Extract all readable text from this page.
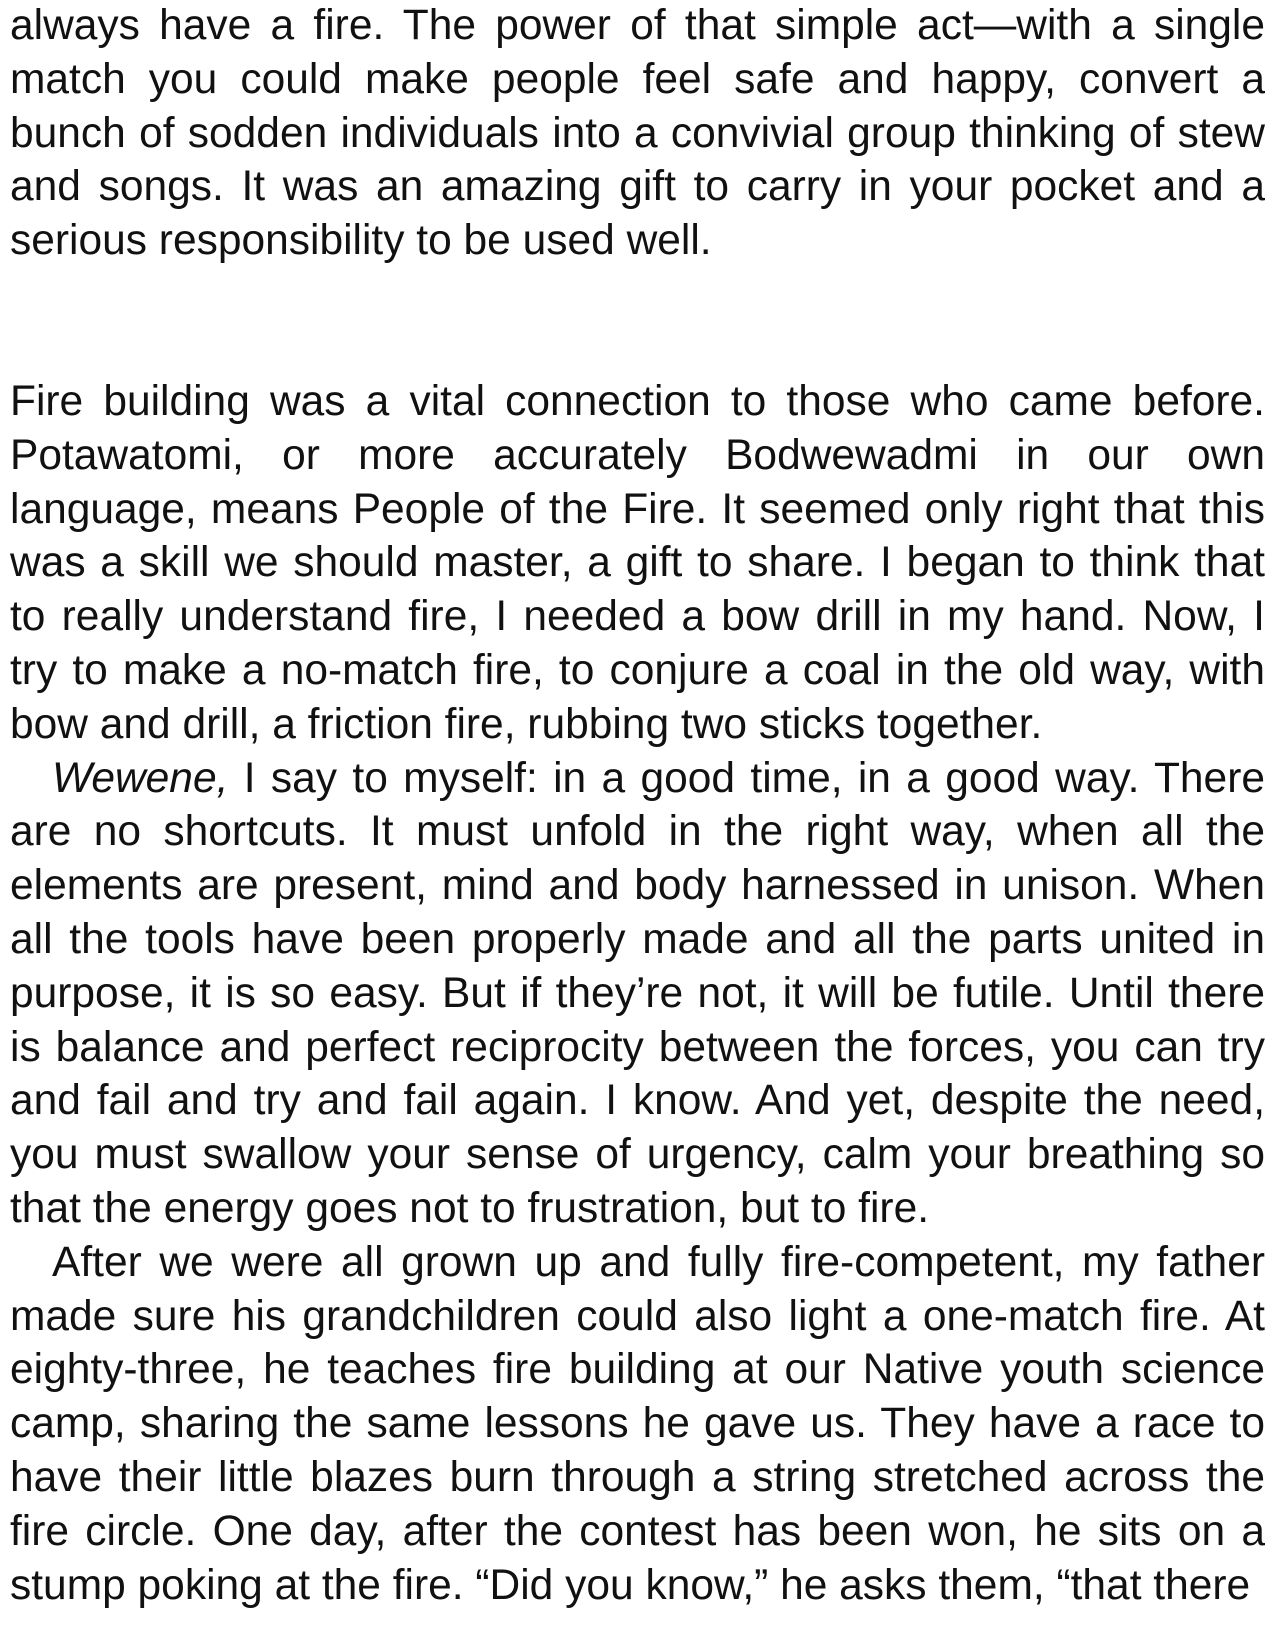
always have a fire. The power of that simple act—with a single match you could make people feel safe and happy, convert a bunch of sodden individuals into a convivial group thinking of stew and songs. It was an amazing gift to carry in your pocket and a serious responsibility to be used well.

Fire building was a vital connection to those who came before. Potawatomi, or more accurately Bodwewadmi in our own language, means People of the Fire. It seemed only right that this was a skill we should master, a gift to share. I began to think that to really understand fire, I needed a bow drill in my hand. Now, I try to make a no-match fire, to conjure a coal in the old way, with bow and drill, a friction fire, rubbing two sticks together.

Wewene, I say to myself: in a good time, in a good way. There are no shortcuts. It must unfold in the right way, when all the elements are present, mind and body harnessed in unison. When all the tools have been properly made and all the parts united in purpose, it is so easy. But if they’re not, it will be futile. Until there is balance and perfect reciprocity between the forces, you can try and fail and try and fail again. I know. And yet, despite the need, you must swallow your sense of urgency, calm your breathing so that the energy goes not to frustration, but to fire.

After we were all grown up and fully fire-competent, my father made sure his grandchildren could also light a one-match fire. At eighty-three, he teaches fire building at our Native youth science camp, sharing the same lessons he gave us. They have a race to have their little blazes burn through a string stretched across the fire circle. One day, after the contest has been won, he sits on a stump poking at the fire. “Did you know,” he asks them, “that there
